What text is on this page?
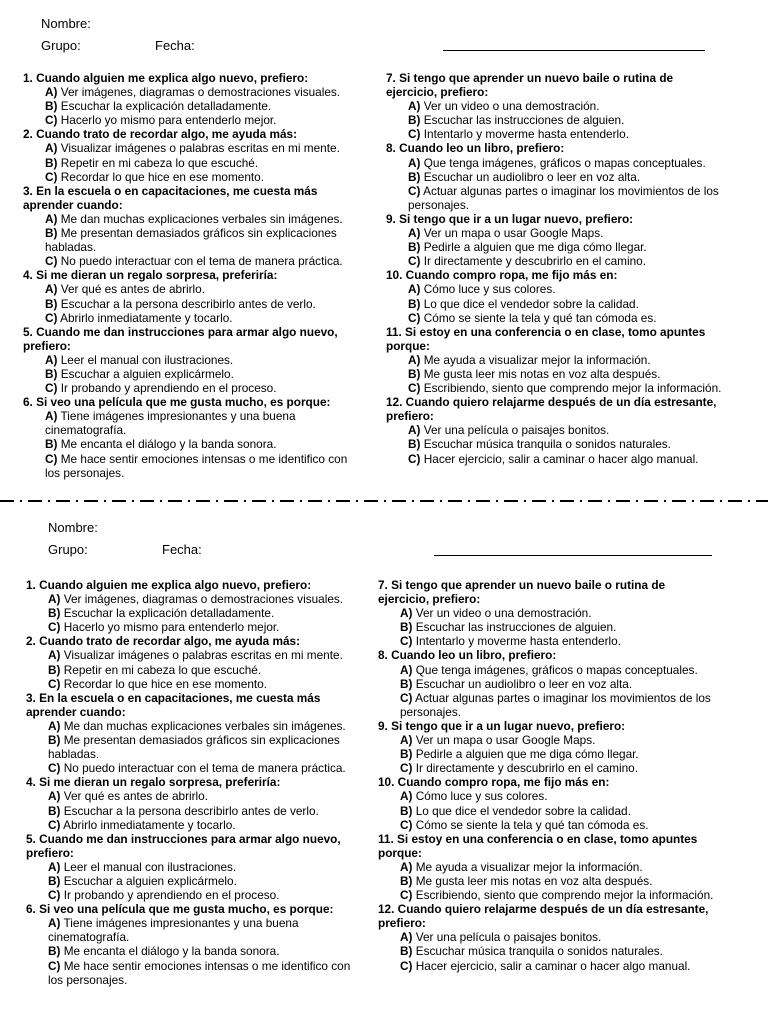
Nombre:
Grupo:	Fecha:
1. Cuando alguien me explica algo nuevo, prefiero:
A) Ver imágenes, diagramas o demostraciones visuales.
B) Escuchar la explicación detalladamente.
C) Hacerlo yo mismo para entenderlo mejor.
2. Cuando trato de recordar algo, me ayuda más:
A) Visualizar imágenes o palabras escritas en mi mente.
B) Repetir en mi cabeza lo que escuché.
C) Recordar lo que hice en ese momento.
3. En la escuela o en capacitaciones, me cuesta más aprender cuando:
A) Me dan muchas explicaciones verbales sin imágenes.
B) Me presentan demasiados gráficos sin explicaciones habladas.
C) No puedo interactuar con el tema de manera práctica.
4. Si me dieran un regalo sorpresa, preferiría:
A) Ver qué es antes de abrirlo.
B) Escuchar a la persona describirlo antes de verlo.
C) Abrirlo inmediatamente y tocarlo.
5. Cuando me dan instrucciones para armar algo nuevo, prefiero:
A) Leer el manual con ilustraciones.
B) Escuchar a alguien explicármelo.
C) Ir probando y aprendiendo en el proceso.
6. Si veo una película que me gusta mucho, es porque:
A) Tiene imágenes impresionantes y una buena cinematografía.
B) Me encanta el diálogo y la banda sonora.
C) Me hace sentir emociones intensas o me identifico con los personajes.
7. Si tengo que aprender un nuevo baile o rutina de ejercicio, prefiero:
A) Ver un video o una demostración.
B) Escuchar las instrucciones de alguien.
C) Intentarlo y moverme hasta entenderlo.
8. Cuando leo un libro, prefiero:
A) Que tenga imágenes, gráficos o mapas conceptuales.
B) Escuchar un audiolibro o leer en voz alta.
C) Actuar algunas partes o imaginar los movimientos de los personajes.
9. Si tengo que ir a un lugar nuevo, prefiero:
A) Ver un mapa o usar Google Maps.
B) Pedirle a alguien que me diga cómo llegar.
C) Ir directamente y descubrirlo en el camino.
10. Cuando compro ropa, me fijo más en:
A) Cómo luce y sus colores.
B) Lo que dice el vendedor sobre la calidad.
C) Cómo se siente la tela y qué tan cómoda es.
11. Si estoy en una conferencia o en clase, tomo apuntes porque:
A) Me ayuda a visualizar mejor la información.
B) Me gusta leer mis notas en voz alta después.
C) Escribiendo, siento que comprendo mejor la información.
12. Cuando quiero relajarme después de un día estresante, prefiero:
A) Ver una película o paisajes bonitos.
B) Escuchar música tranquila o sonidos naturales.
C) Hacer ejercicio, salir a caminar o hacer algo manual.
Nombre:
Grupo:	Fecha:
1. Cuando alguien me explica algo nuevo, prefiero:
A) Ver imágenes, diagramas o demostraciones visuales.
B) Escuchar la explicación detalladamente.
C) Hacerlo yo mismo para entenderlo mejor.
2. Cuando trato de recordar algo, me ayuda más:
A) Visualizar imágenes o palabras escritas en mi mente.
B) Repetir en mi cabeza lo que escuché.
C) Recordar lo que hice en ese momento.
3. En la escuela o en capacitaciones, me cuesta más aprender cuando:
A) Me dan muchas explicaciones verbales sin imágenes.
B) Me presentan demasiados gráficos sin explicaciones habladas.
C) No puedo interactuar con el tema de manera práctica.
4. Si me dieran un regalo sorpresa, preferiría:
A) Ver qué es antes de abrirlo.
B) Escuchar a la persona describirlo antes de verlo.
C) Abrirlo inmediatamente y tocarlo.
5. Cuando me dan instrucciones para armar algo nuevo, prefiero:
A) Leer el manual con ilustraciones.
B) Escuchar a alguien explicármelo.
C) Ir probando y aprendiendo en el proceso.
6. Si veo una película que me gusta mucho, es porque:
A) Tiene imágenes impresionantes y una buena cinematografía.
B) Me encanta el diálogo y la banda sonora.
C) Me hace sentir emociones intensas o me identifico con los personajes.
7. Si tengo que aprender un nuevo baile o rutina de ejercicio, prefiero:
A) Ver un video o una demostración.
B) Escuchar las instrucciones de alguien.
C) Intentarlo y moverme hasta entenderlo.
8. Cuando leo un libro, prefiero:
A) Que tenga imágenes, gráficos o mapas conceptuales.
B) Escuchar un audiolibro o leer en voz alta.
C) Actuar algunas partes o imaginar los movimientos de los personajes.
9. Si tengo que ir a un lugar nuevo, prefiero:
A) Ver un mapa o usar Google Maps.
B) Pedirle a alguien que me diga cómo llegar.
C) Ir directamente y descubrirlo en el camino.
10. Cuando compro ropa, me fijo más en:
A) Cómo luce y sus colores.
B) Lo que dice el vendedor sobre la calidad.
C) Cómo se siente la tela y qué tan cómoda es.
11. Si estoy en una conferencia o en clase, tomo apuntes porque:
A) Me ayuda a visualizar mejor la información.
B) Me gusta leer mis notas en voz alta después.
C) Escribiendo, siento que comprendo mejor la información.
12. Cuando quiero relajarme después de un día estresante, prefiero:
A) Ver una película o paisajes bonitos.
B) Escuchar música tranquila o sonidos naturales.
C) Hacer ejercicio, salir a caminar o hacer algo manual.
